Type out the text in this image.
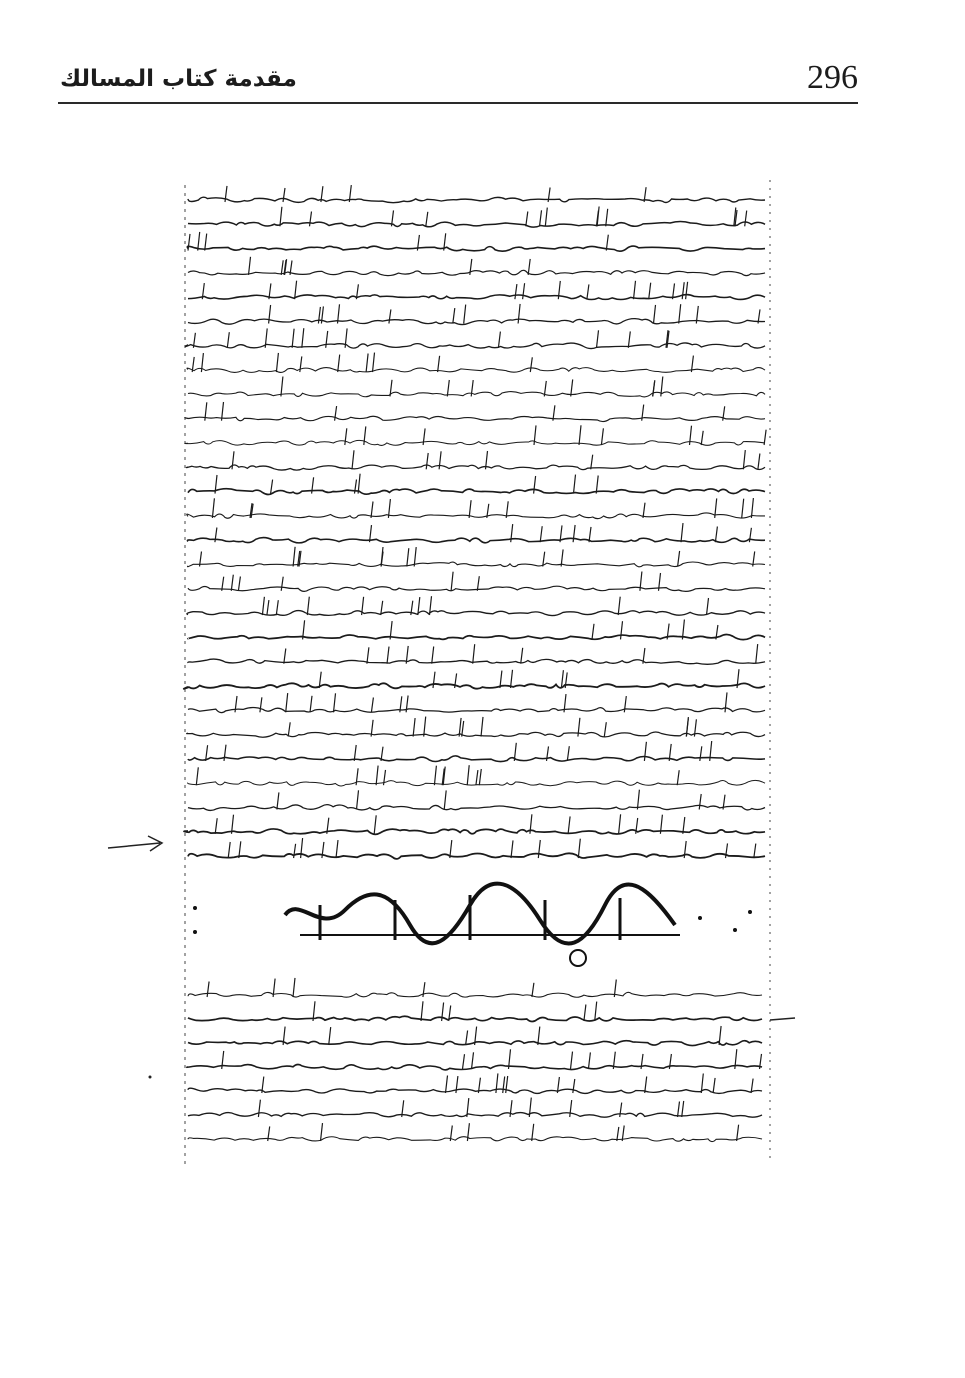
296
مقدمة كتاب المسالك
